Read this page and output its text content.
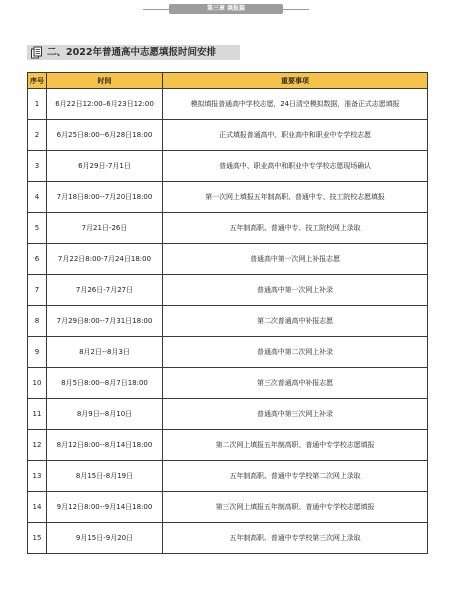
第三章 填报篇
二、2022年普通高中志愿填报时间安排
序号	时间	重要事项
1	6月22日12:00–6月23日12:00	模拟填报普通高中学校志愿，24日清空模拟数据，准备正式志愿填报
2	6月25日8:00--6月28日18:00	正式填报普通高中、职业高中和职业中专学校志愿
3	6月29日-7月1日	普通高中、职业高中和职业中专学校志愿现场确认
4	7月18日8:00--7月20日18:00	第一次网上填报五年制高职、普通中专、技工院校志愿填报
5	7月21日-26日	五年制高职、普通中专、技工院校网上录取
6	7月22日8:00-7月24日18:00	普通高中第一次网上补报志愿
7	7月26日-7月27日	普通高中第一次网上补录
8	7月29日8:00--7月31日18:00	第二次普通高中补报志愿
9	8月2日--8月3日	普通高中第二次网上补录
10	8月5日8:00--8月7日18:00	第三次普通高中补报志愿
11	8月9日--8月10日	普通高中第三次网上补录
12	8月12日8:00--8月14日18:00	第二次网上填报五年制高职、普通中专学校志愿填报
13	8月15日-8月19日	五年制高职、普通中专学校第二次网上录取
14	9月12日8:00--9月14日18:00	第三次网上填报五年制高职、普通中专学校志愿填报
15	9月15日-9月20日	五年制高职、普通中专学校第三次网上录取
